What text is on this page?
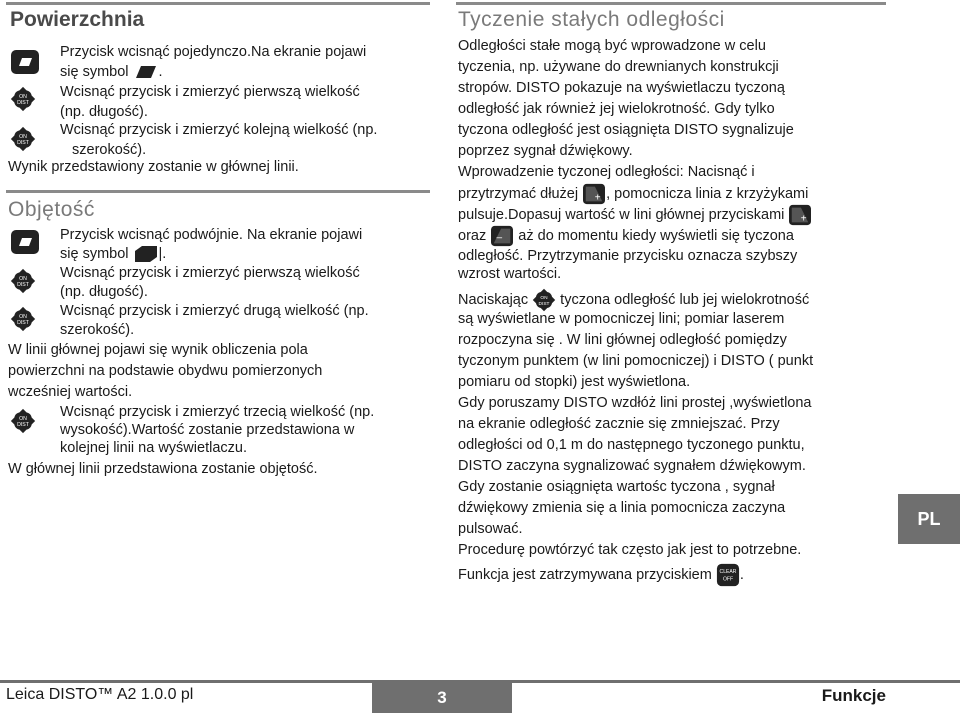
Powierzchnia
Przycisk wcisnąć pojedynczo.Na ekranie pojawi
się symbol .
ON
DIST
Wcisnąć przycisk i zmierzyć pierwszą wielkość
(np. długość).
ON
DIST
Wcisnąć przycisk i zmierzyć kolejną wielkość (np.
szerokość).
Wynik przedstawiony zostanie w głównej linii.
Objętość
Przycisk wcisnąć podwójnie. Na ekranie pojawi
się symbol |.
ON
DIST
Wcisnąć przycisk i zmierzyć pierwszą wielkość
(np. długość).
ON
DIST
Wcisnąć przycisk i zmierzyć drugą wielkość (np.
szerokość).
W linii głównej pojawi się wynik obliczenia pola
powierzchni na podstawie obydwu pomierzonych
wcześniej wartości.
ON
DIST
Wcisnąć przycisk i zmierzyć trzecią wielkość (np.
wysokość).Wartość zostanie przedstawiona w
kolejnej linii na wyświetlaczu.
W głównej linii przedstawiona zostanie objętość.
Tyczenie stałych odległości
Odległości stałe mogą być wprowadzone w celu
tyczenia, np. używane do drewnianych konstrukcji
stropów. DISTO pokazuje na wyświetlaczu tyczoną
odległość jak również jej wielokrotność. Gdy tylko
tyczona odległość jest osiągnięta DISTO sygnalizuje
poprzez sygnał dźwiękowy.
Wprowadzenie tyczonej odległości: Nacisnąć i
przytrzymać dłużej + , pomocnicza linia z krzyżykami
pulsuje.Dopasuj wartość w lini głównej przyciskami +
oraz – aż do momentu kiedy wyświetli się tyczona
odległość. Przytrzymanie przycisku oznacza szybszy
wzrost wartości.
Naciskając ON
DIST tyczona odległość lub jej wielokrotność
są wyświetlane w pomocniczej lini; pomiar laserem
rozpoczyna się . W lini głównej odległość pomiędzy
tyczonym punktem (w lini pomocniczej) i DISTO ( punkt
pomiaru od stopki) jest wyświetlona.
Gdy poruszamy DISTO wzdłóż lini prostej ,wyświetlona
na ekranie odległość zacznie się zmniejszać. Przy
odległości od 0,1 m do następnego tyczonego punktu,
DISTO zaczyna sygnalizować sygnałem dźwiękowym.
Gdy zostanie osiągnięta wartośc tyczona , sygnał
dźwiękowy zmienia się a linia pomocnicza zaczyna
pulsować.
Procedurę powtórzyć tak często jak jest to potrzebne.
Funkcja jest zatrzymywana przyciskiem CLEAR
OFF .
PL
Leica DISTO™ A2 1.0.0 pl	3	Funkcje
